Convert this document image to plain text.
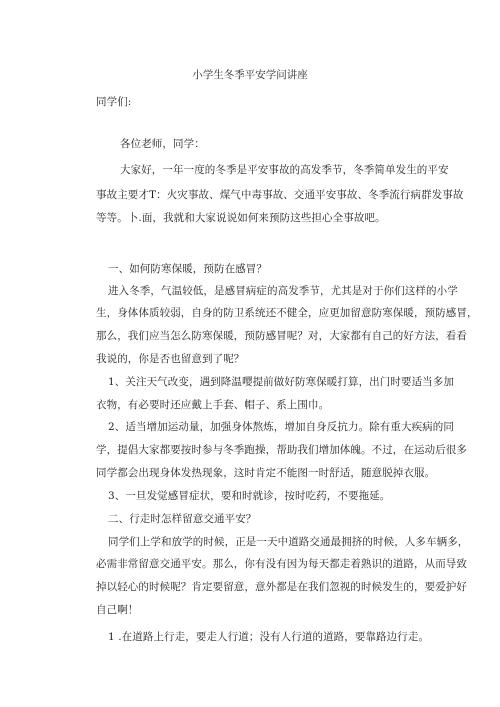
小学生冬季平安学问讲座
同学们:
各位老师，同学：
大家好，一年一度的冬季是平安事故的高发季节，冬季简单发生的平安
事故主要才T：火灾事故、煤气中毒事故、交通平安事故、冬季流行病群发事故
等等。卜.面，我就和大家说说如何来预防这些担心全事故吧。
一、如何防寒保暖，预防在感冒？
进入冬季，气温较低，是感冒病症的高发季节，尤其是对于你们这样的小学
生，身体体质较弱，自身的防卫系统还不健全，应更加留意防寒保暖，预防感冒，
那么，我们应当怎么防寒保暖，预防感冒呢？对，大家都有自己的好方法，看看
我说的，你是否也留意到了呢？
1、关注天气改变，遇到降温嘤提前做好防寒保暖打算，出门时要适当多加
衣物，有必要时还应戴上手套、帽子、系上围巾。
2、适当增加运动量，加强身体熬炼，增加自身反抗力。除有重大疾病的同
学，提倡大家都要按时参与冬季跑操，帮助我们增加体魄。不过，在运动后很多
同学都会出现身体发热现象，这时肯定不能图一时舒适，随意脱掉衣服。
3、一旦发觉感冒症状，要和时就诊，按时吃药，不要拖延。
二、行走时怎样留意交通平安？
同学们上学和放学的时候，正是一天中道路交通最拥挤的时候，人多车辆多，
必需非常留意交通平安。那么，你有没有因为每天都走着熟识的道路，从而导致
掉以轻心的时候呢？肯定要留意，意外都是在我们忽视的时候发生的，要爱护好
自己啊！
1 .在道路上行走，要走人行道；没有人行道的道路，要靠路边行走。
